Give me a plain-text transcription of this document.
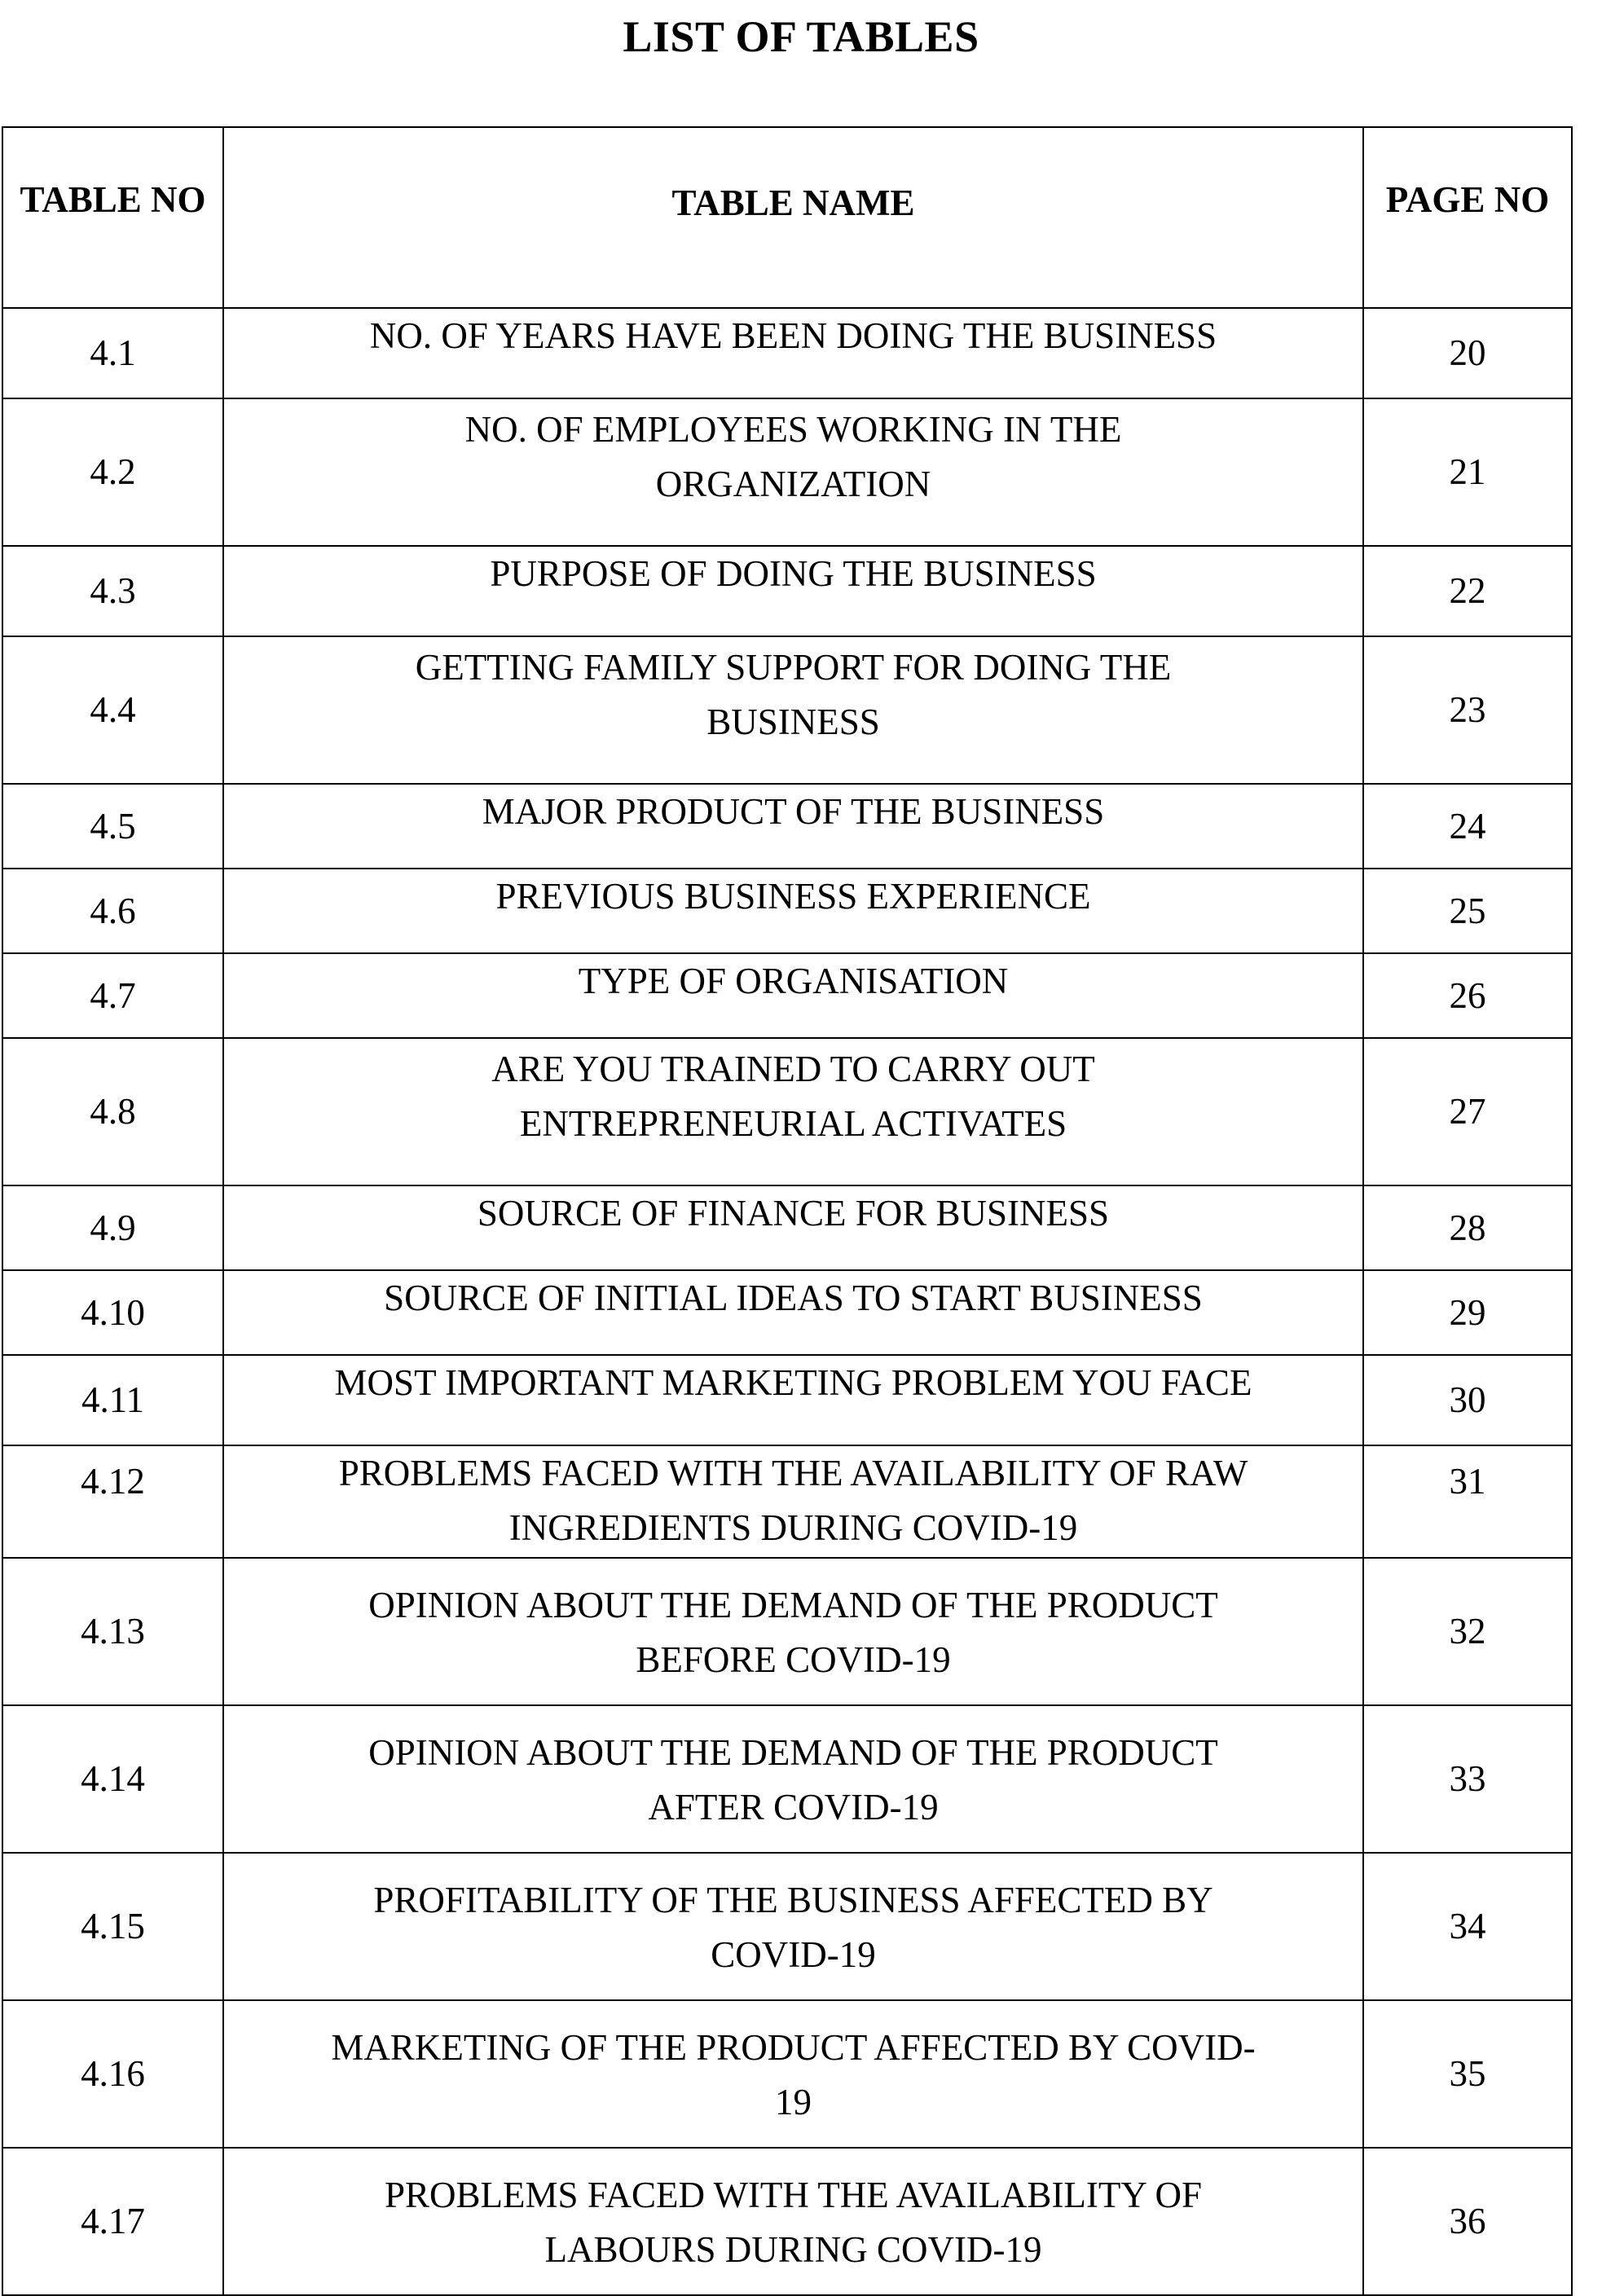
LIST OF TABLES
TABLE NO	TABLE NAME	PAGE NO
4.1	NO. OF YEARS HAVE BEEN DOING THE BUSINESS	20
4.2	NO. OF EMPLOYEES WORKING IN THE
ORGANIZATION	21
4.3	PURPOSE OF DOING THE BUSINESS	22
4.4	GETTING FAMILY SUPPORT FOR DOING THE
BUSINESS	23
4.5	MAJOR PRODUCT OF THE BUSINESS	24
4.6	PREVIOUS BUSINESS EXPERIENCE	25
4.7	TYPE OF ORGANISATION	26
4.8	ARE YOU TRAINED TO CARRY OUT
ENTREPRENEURIAL ACTIVATES	27
4.9	SOURCE OF FINANCE FOR BUSINESS	28
4.10	SOURCE OF INITIAL IDEAS TO START BUSINESS	29
4.11	MOST IMPORTANT MARKETING PROBLEM YOU FACE	30
4.12	PROBLEMS FACED WITH THE AVAILABILITY OF RAW
INGREDIENTS DURING COVID-19	31
4.13	OPINION ABOUT THE DEMAND OF THE PRODUCT
BEFORE COVID-19	32
4.14	OPINION ABOUT THE DEMAND OF THE PRODUCT
AFTER COVID-19	33
4.15	PROFITABILITY OF THE BUSINESS AFFECTED BY
COVID-19	34
4.16	MARKETING OF THE PRODUCT AFFECTED BY COVID-
19	35
4.17	PROBLEMS FACED WITH THE AVAILABILITY OF
LABOURS DURING COVID-19	36
